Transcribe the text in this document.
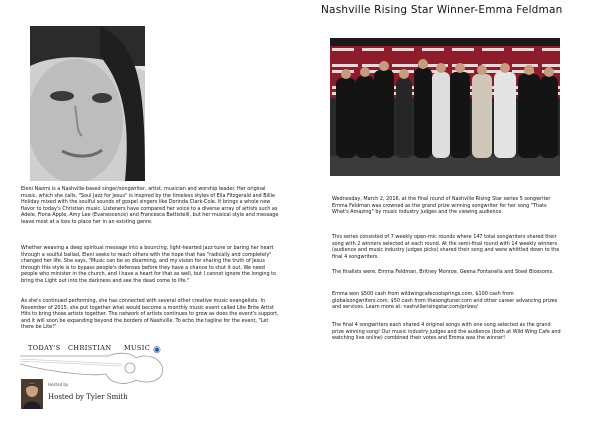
Eleni Naomi is a Nashville-based singer/songwriter, artist, musician and worship leader. Her original music, which she calls, "Soul Jazz for Jesus" is inspired by the timeless styles of Ella Fitzgerald and Billie Holiday mixed with the soulful sounds of gospel singers like Dorinda Clark-Cole. It brings a whole new flavor to today's Christian music. Listeners have compared her voice to a diverse array of artists such as Adele, Fiona Apple, Amy Lee (Evanescence) and Francesca Battistelli, but her musical style and message leave most at a loss to place her in an existing genre.

Whether weaving a deep spiritual message into a bouncing, light-hearted jazz tune or baring her heart through a soulful ballad, Eleni seeks to reach others with the hope that has "radically and completely" changed her life. She says, "Music can be so disarming, and my vision for sharing the truth of Jesus through this style is to bypass people's defenses before they have a chance to shut it out. We need people who minister in the church, and I have a heart for that as well, but I cannot ignore the longing to bring the Light out into the darkness and see the dead come to life."

As she's continued performing, she has connected with several other creative music evangelists. In November of 2015, she put together what would become a monthly music event called Lite Brite Artist Hits to bring those artists together. The network of artists continues to grow as does the event's support, and it will soon be expanding beyond the borders of Nashville. To echo the tagline for the event, "Let there be Lite!"

TODAY'S CHRISTIAN MUSIC ◉
Hosted by
Hosted by Tyler Smith
Nashville Rising Star Winner-Emma Feldman

Wednesday, March 2, 2016, at the final round of Nashville Rising Star series 5 songwriter Emma Feldman was crowned as the grand prize winning songwriter for her song "Thats What's Amazing" by music industry judges and the viewing audience.

This series consisted of 7 weekly open-mic rounds where 147 total songwriters shared their song with 2 winners selected at each round. At the semi-final round with 14 weekly winners (audience and music industry judges picks) shared their song and were whittled down to the final 4 songwriters.

The finalists were, Emma Feldman, Britney Monroe, Geena Fontanella and Steel Blossoms.

Emma won $500 cash from wildwingcafecoolsprings.com, $100 cash from globalsongwriters.com, $50 cash from thesongtuner.com and other career advancing prizes and services. Learn more at: nashvillerisingstar.com/prizes/

The final 4 songwriters each shared 4 original songs with one song selected as the grand prize winning song! Our music industry judges and the audience (both at Wild Wing Cafe and watching live online) combined their votes and Emma was the winner!
